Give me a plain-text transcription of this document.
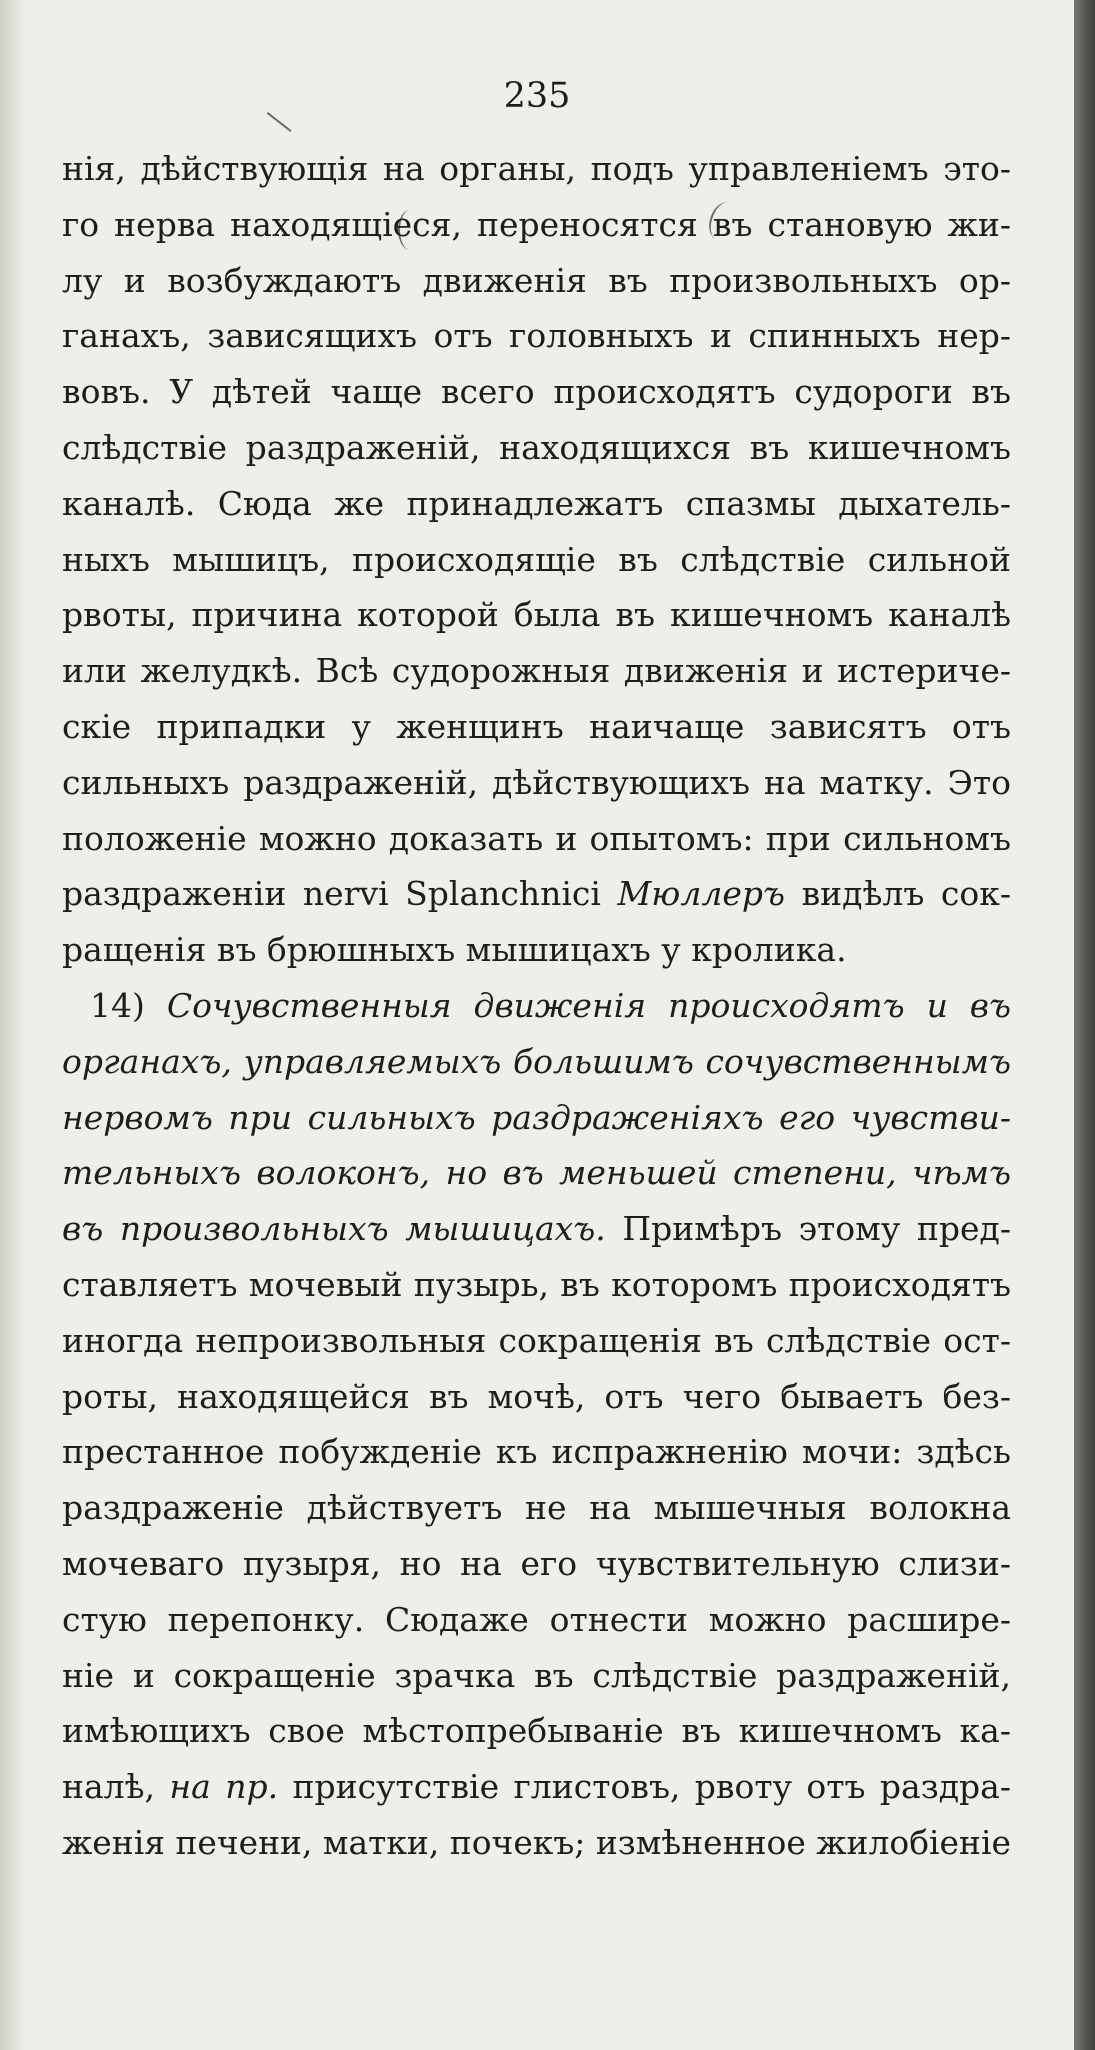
235

нія, дѣйствующія на органы, подъ управленіемъ это-

го нерва находящіеся, переносятся въ становую жи-

лу и возбуждаютъ движенія въ произвольныхъ ор-

ганахъ, зависящихъ отъ головныхъ и спинныхъ нер-

вовъ. У дѣтей чаще всего происходятъ судороги въ

слѣдствіе раздраженій, находящихся въ кишечномъ

каналѣ. Сюда же принадлежатъ спазмы дыхатель-

ныхъ мышицъ, происходящіе въ слѣдствіе сильной

рвоты, причина которой была въ кишечномъ каналѣ

или желудкѣ. Всѣ судорожныя движенія и истериче-

скіе припадки у женщинъ наичаще зависятъ отъ

сильныхъ раздраженій, дѣйствующихъ на матку. Это

положеніе можно доказать и опытомъ: при сильномъ

раздраженіи nervi Splanchnici Мюллеръ видѣлъ сок-

ращенія въ брюшныхъ мышицахъ у кролика.

14) Сочувственныя движенія происходятъ и въ

органахъ, управляемыхъ большимъ сочувственнымъ

нервомъ при сильныхъ раздраженіяхъ его чувстви-

тельныхъ волоконъ, но въ меньшей степени, чѣмъ

въ произвольныхъ мышицахъ. Примѣръ этому пред-

ставляетъ мочевый пузырь, въ которомъ происходятъ

иногда непроизвольныя сокращенія въ слѣдствіе ост-

роты, находящейся въ мочѣ, отъ чего бываетъ без-

престанное побужденіе къ испражненію мочи: здѣсь

раздраженіе дѣйствуетъ не на мышечныя волокна

мочеваго пузыря, но на его чувствительную слизи-

стую перепонку. Сюдаже отнести можно расшире-

ніе и сокращеніе зрачка въ слѣдствіе раздраженій,

имѣющихъ свое мѣстопребываніе въ кишечномъ ка-

налѣ, на пр. присутствіе глистовъ, рвоту отъ раздра-

женія печени, матки, почекъ; измѣненное жилобіеніе
